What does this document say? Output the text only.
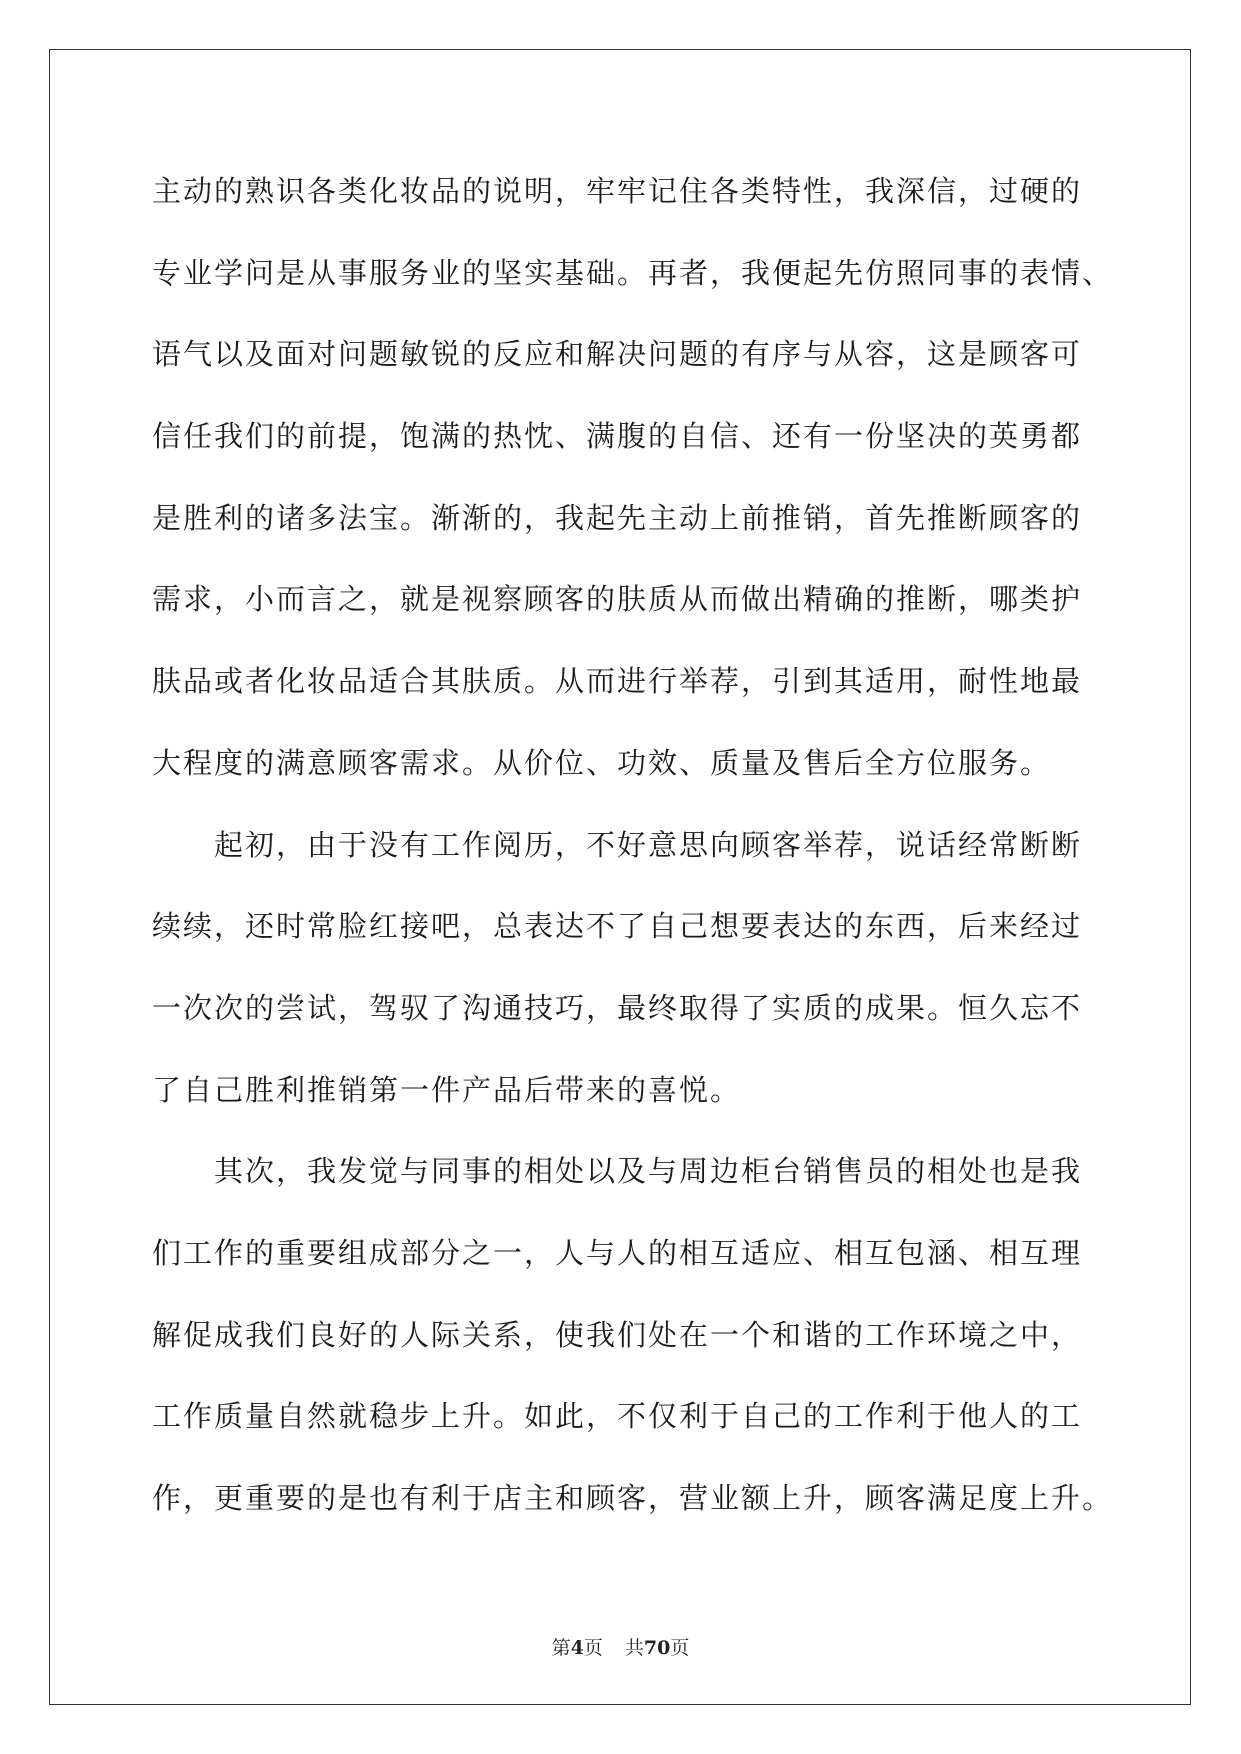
主动的熟识各类化妆品的说明，牢牢记住各类特性，我深信，过硬的
专业学问是从事服务业的坚实基础。再者，我便起先仿照同事的表情、
语气以及面对问题敏锐的反应和解决问题的有序与从容，这是顾客可
信任我们的前提，饱满的热忱、满腹的自信、还有一份坚决的英勇都
是胜利的诸多法宝。渐渐的，我起先主动上前推销，首先推断顾客的
需求，小而言之，就是视察顾客的肤质从而做出精确的推断，哪类护
肤品或者化妆品适合其肤质。从而进行举荐，引到其适用，耐性地最
大程度的满意顾客需求。从价位、功效、质量及售后全方位服务。
起初，由于没有工作阅历，不好意思向顾客举荐，说话经常断断
续续，还时常脸红接吧，总表达不了自己想要表达的东西，后来经过
一次次的尝试，驾驭了沟通技巧，最终取得了实质的成果。恒久忘不
了自己胜利推销第一件产品后带来的喜悦。
其次，我发觉与同事的相处以及与周边柜台销售员的相处也是我
们工作的重要组成部分之一，人与人的相互适应、相互包涵、相互理
解促成我们良好的人际关系，使我们处在一个和谐的工作环境之中，
工作质量自然就稳步上升。如此，不仅利于自己的工作利于他人的工
作，更重要的是也有利于店主和顾客，营业额上升，顾客满足度上升。
第4页 共70页
